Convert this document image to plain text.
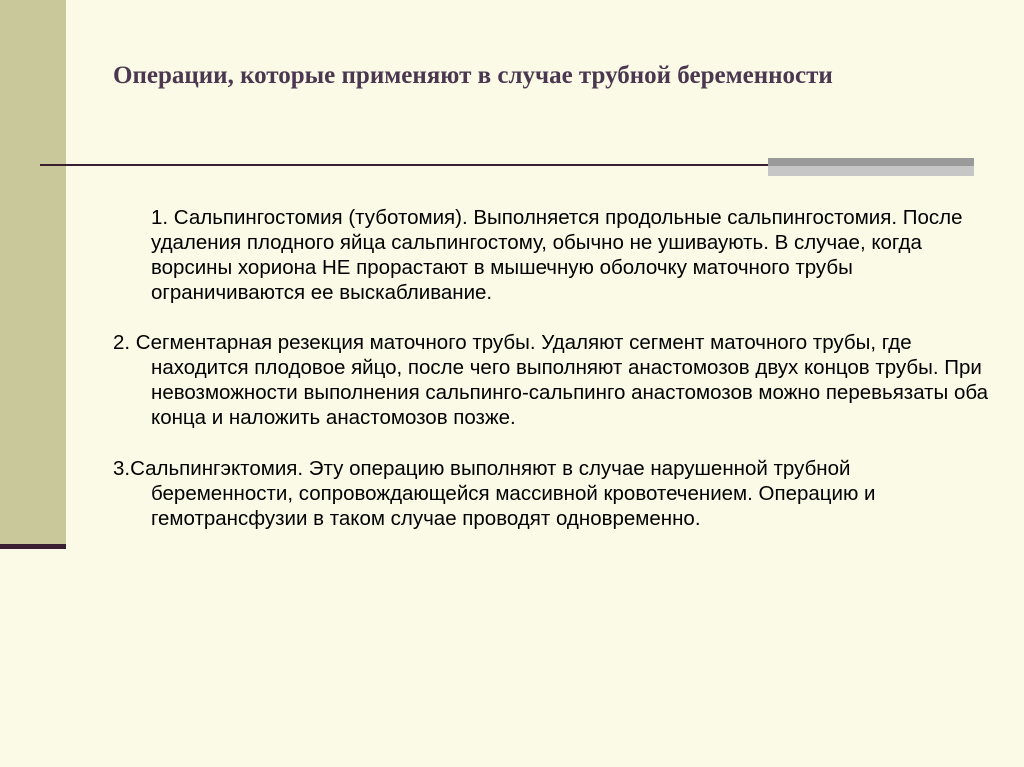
Операции, которые применяют в случае трубной беременности

1. Сальпингостомия (туботомия). Выполняется продольные сальпингостомия. После удаления плодного яйца сальпингостому, обычно не ушиваують. В случае, когда ворсины хориона НЕ прорастают в мышечную оболочку маточного трубы ограничиваются ее выскабливание.

2. Сегментарная резекция маточного трубы. Удаляют сегмент маточного трубы, где находится плодовое яйцо, после чего выполняют анастомозов двух концов трубы. При невозможности выполнения сальпинго-сальпинго анастомозов можно перевьязаты оба конца и наложить анастомозов позже.

3.Сальпингэктомия. Эту операцию выполняют в случае нарушенной трубной беременности, сопровождающейся массивной кровотечением. Операцию и гемотрансфузии в таком случае проводят одновременно.
